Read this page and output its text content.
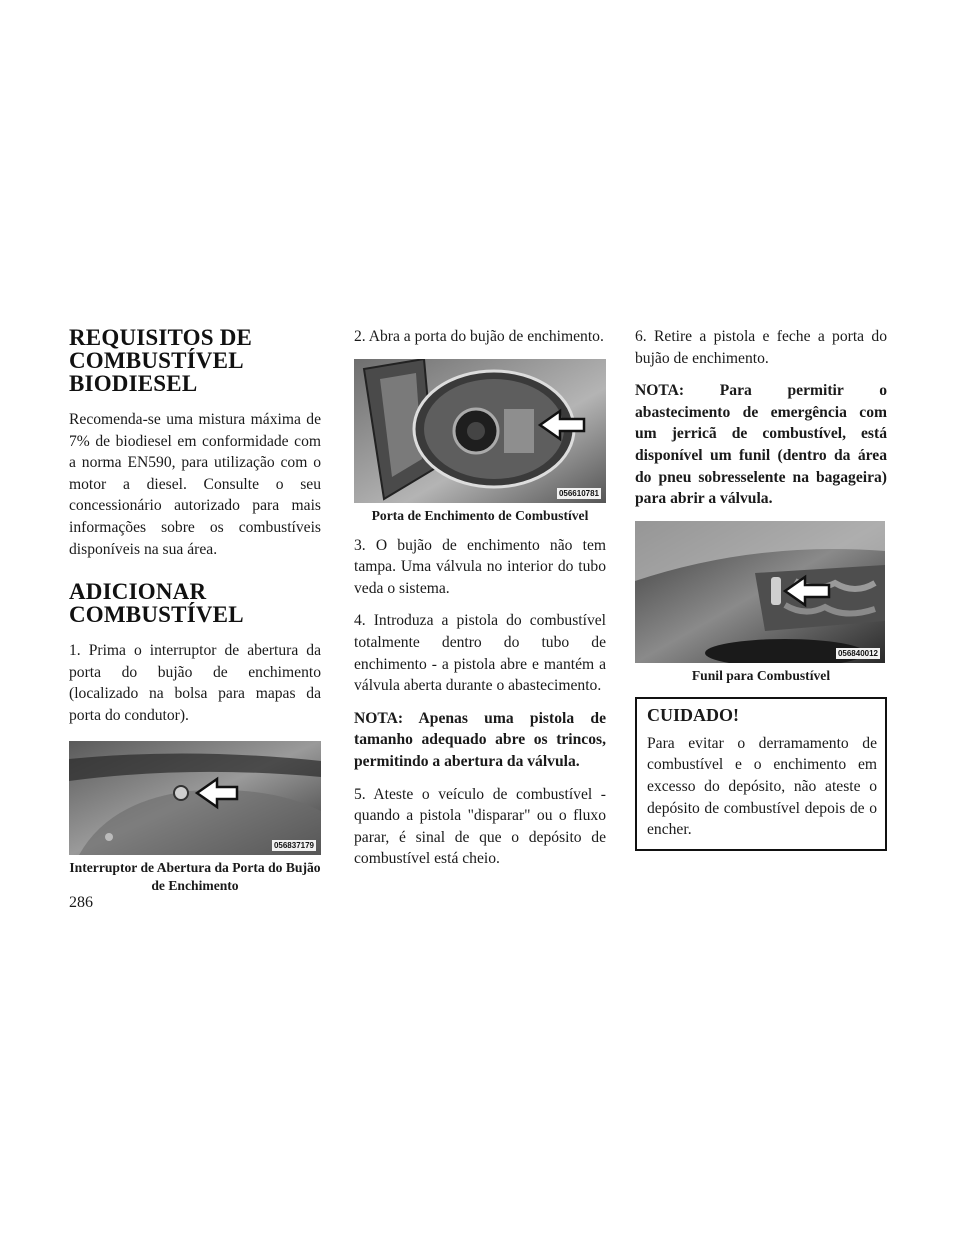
REQUISITOS DE COMBUSTÍVEL BIODIESEL

Recomenda-se uma mistura máxima de 7% de biodiesel em conformidade com a norma EN590, para utilização com o motor a diesel. Consulte o seu concessionário autorizado para mais informações sobre os combustíveis disponíveis na sua área.

ADICIONAR COMBUSTÍVEL

1. Prima o interruptor de abertura da porta do bujão de enchimento (localizado na bolsa para mapas da porta do condutor).

056837179
Interruptor de Abertura da Porta do Bujão de Enchimento

2. Abra a porta do bujão de enchimento.

056610781
Porta de Enchimento de Combustível

3. O bujão de enchimento não tem tampa. Uma válvula no interior do tubo veda o sistema.

4. Introduza a pistola do combustível totalmente dentro do tubo de enchimento - a pistola abre e mantém a válvula aberta durante o abastecimento.

NOTA: Apenas uma pistola de tamanho adequado abre os trincos, permitindo a abertura da válvula.

5. Ateste o veículo de combustível - quando a pistola "disparar" ou o fluxo parar, é sinal de que o depósito de combustível está cheio.

6. Retire a pistola e feche a porta do bujão de enchimento.

NOTA: Para permitir o abastecimento de emergência com um jerricã de combustível, está disponível um funil (dentro da área do pneu sobresselente na bagageira) para abrir a válvula.

056840012
Funil para Combustível
CUIDADO!

Para evitar o derramamento de combustível e o enchimento em excesso do depósito, não ateste o depósito de combustível depois de o encher.

286
